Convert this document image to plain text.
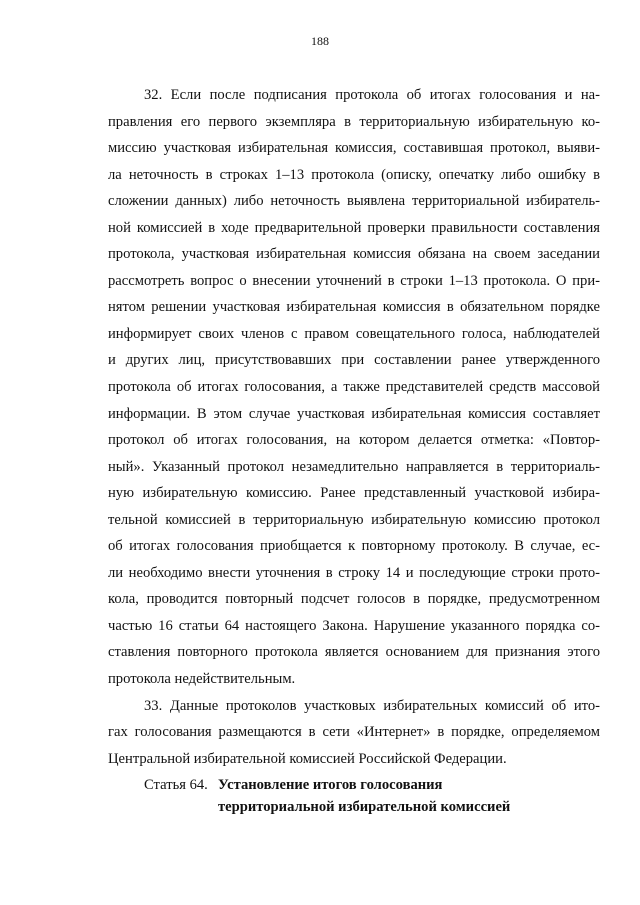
188
32. Если после подписания протокола об итогах голосования и на-
правления его первого экземпляра в территориальную избирательную ко-
миссию участковая избирательная комиссия, составившая протокол, выяви-
ла неточность в строках 1–13 протокола (описку, опечатку либо ошибку в
сложении данных) либо неточность выявлена территориальной избиратель-
ной комиссией в ходе предварительной проверки правильности составления
протокола, участковая избирательная комиссия обязана на своем заседании
рассмотреть вопрос о внесении уточнений в строки 1–13 протокола. О при-
нятом решении участковая избирательная комиссия в обязательном порядке
информирует своих членов с правом совещательного голоса, наблюдателей
и других лиц, присутствовавших при составлении ранее утвержденного
протокола об итогах голосования, а также представителей средств массовой
информации. В этом случае участковая избирательная комиссия составляет
протокол об итогах голосования, на котором делается отметка: «Повтор-
ный». Указанный протокол незамедлительно направляется в территориаль-
ную избирательную комиссию. Ранее представленный участковой избира-
тельной комиссией в территориальную избирательную комиссию протокол
об итогах голосования приобщается к повторному протоколу. В случае, ес-
ли необходимо внести уточнения в строку 14 и последующие строки прото-
кола, проводится повторный подсчет голосов в порядке, предусмотренном
частью 16 статьи 64 настоящего Закона. Нарушение указанного порядка со-
ставления повторного протокола является основанием для признания этого
протокола недействительным.
33. Данные протоколов участковых избирательных комиссий об ито-
гах голосования размещаются в сети «Интернет» в порядке, определяемом
Центральной избирательной комиссией Российской Федерации.
Статья 64. Установление итогов голосования
территориальной избирательной комиссией
